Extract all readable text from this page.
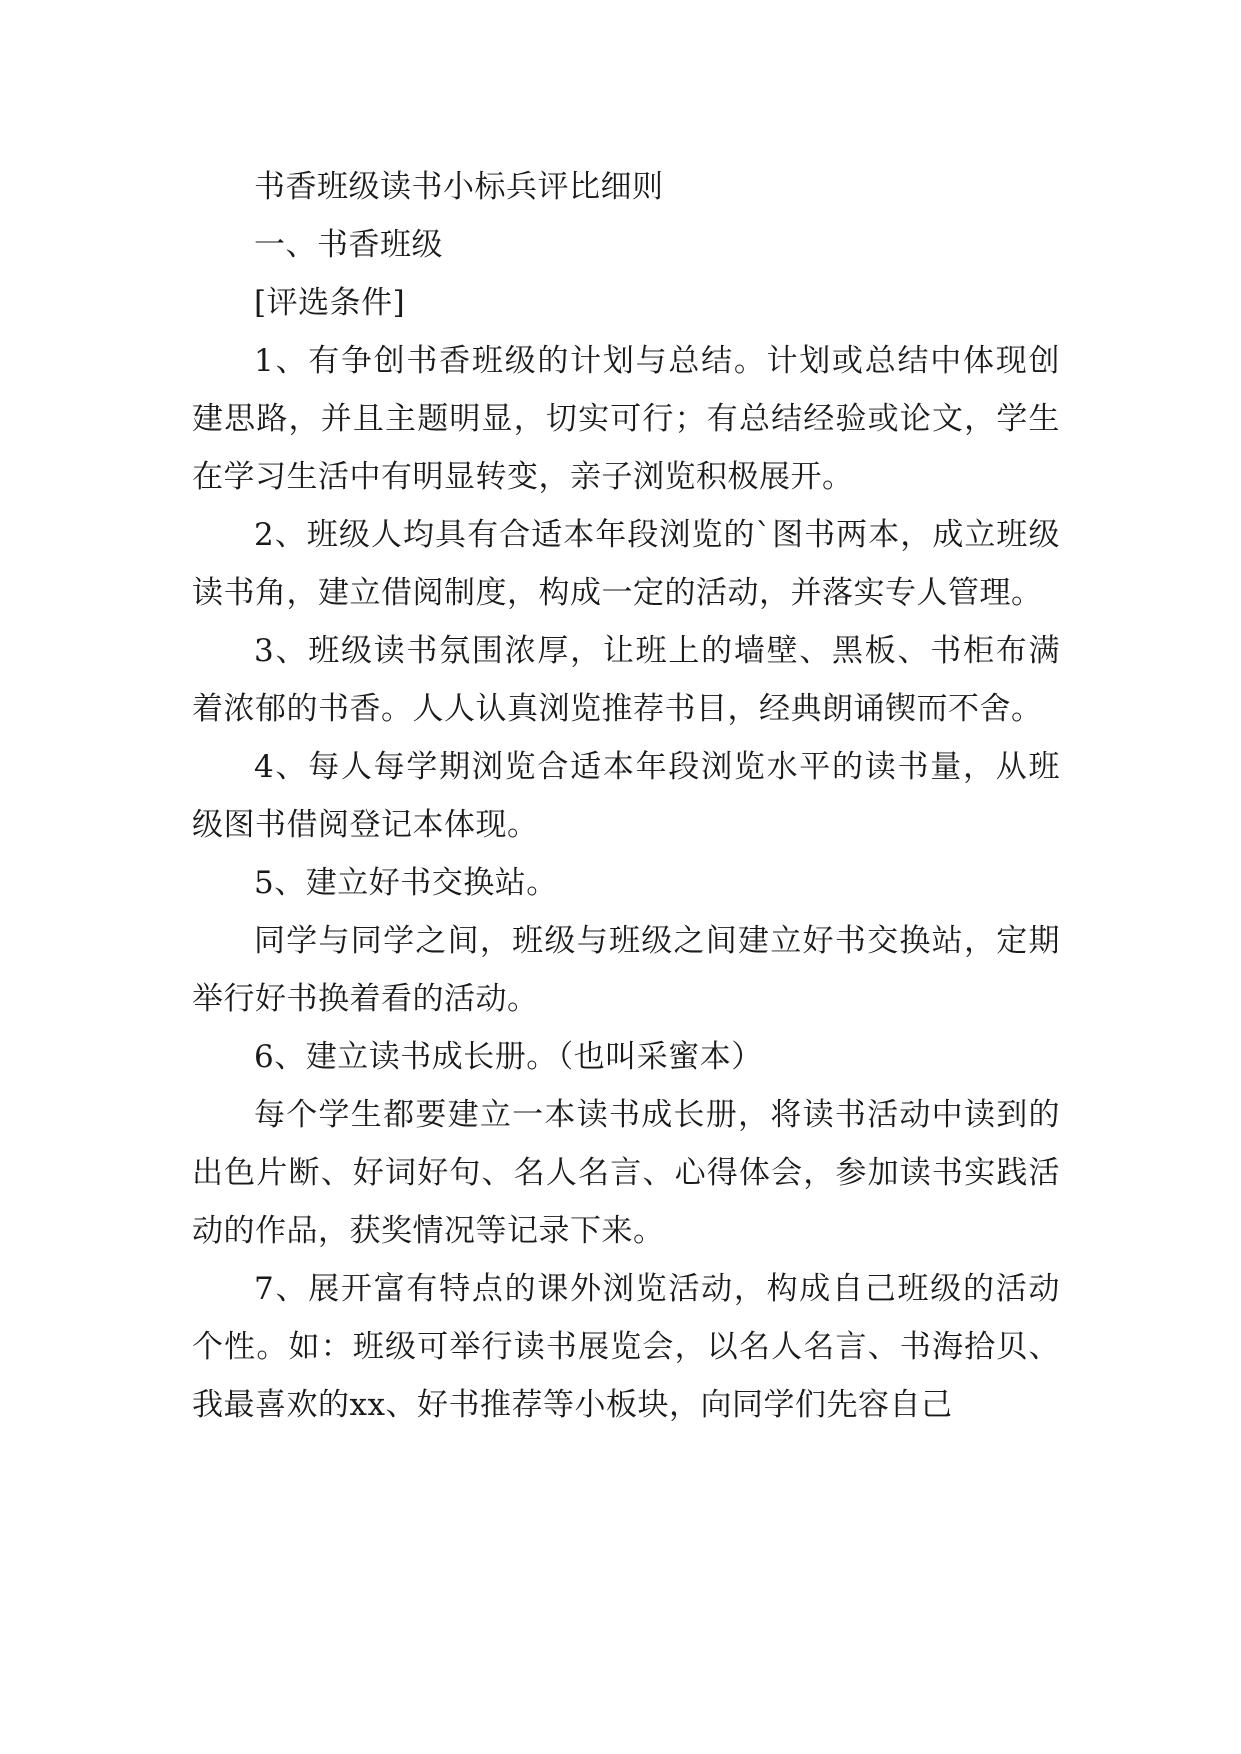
书香班级读书小标兵评比细则

一、书香班级

[评选条件]

1、有争创书香班级的计划与总结。计划或总结中体现创建思路，并且主题明显，切实可行；有总结经验或论文，学生在学习生活中有明显转变，亲子浏览积极展开。

2、班级人均具有合适本年段浏览的`图书两本，成立班级读书角，建立借阅制度，构成一定的活动，并落实专人管理。

3、班级读书氛围浓厚，让班上的墙壁、黑板、书柜布满着浓郁的书香。人人认真浏览推荐书目，经典朗诵锲而不舍。

4、每人每学期浏览合适本年段浏览水平的读书量，从班级图书借阅登记本体现。

5、建立好书交换站。

同学与同学之间，班级与班级之间建立好书交换站，定期举行好书换着看的活动。

6、建立读书成长册。（也叫采蜜本）

每个学生都要建立一本读书成长册，将读书活动中读到的出色片断、好词好句、名人名言、心得体会，参加读书实践活动的作品，获奖情况等记录下来。

7、展开富有特点的课外浏览活动，构成自己班级的活动个性。如：班级可举行读书展览会，以名人名言、书海拾贝、我最喜欢的xx、好书推荐等小板块，向同学们先容自己
